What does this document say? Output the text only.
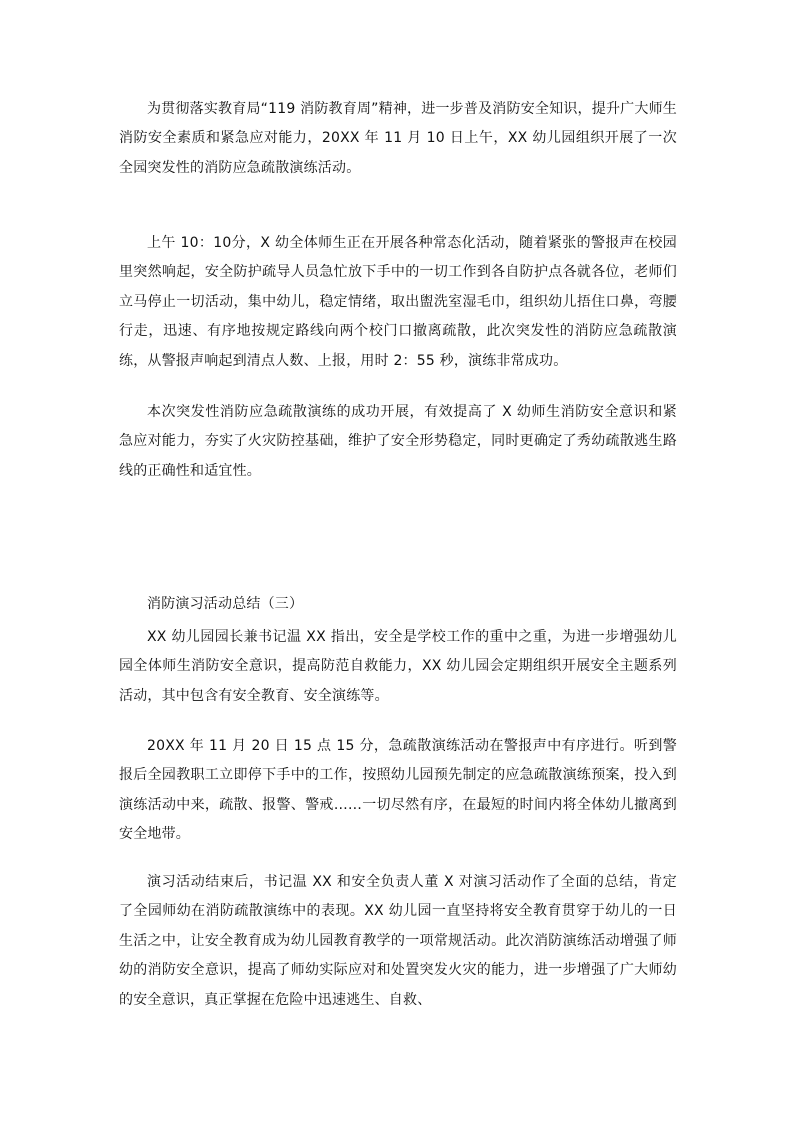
为贯彻落实教育局“119 消防教育周”精神，进一步普及消防安全知识，提升广大师生消防安全素质和紧急应对能力，20XX 年 11 月 10 日上午，XX 幼儿园组织开展了一次全园突发性的消防应急疏散演练活动。

上午 10：10分，X 幼全体师生正在开展各种常态化活动，随着紧张的警报声在校园里突然响起，安全防护疏导人员急忙放下手中的一切工作到各自防护点各就各位，老师们立马停止一切活动，集中幼儿，稳定情绪，取出盥洗室湿毛巾，组织幼儿捂住口鼻，弯腰行走，迅速、有序地按规定路线向两个校门口撤离疏散，此次突发性的消防应急疏散演练，从警报声响起到清点人数、上报，用时 2：55 秒，演练非常成功。

本次突发性消防应急疏散演练的成功开展，有效提高了 X 幼师生消防安全意识和紧急应对能力，夯实了火灾防控基础，维护了安全形势稳定，同时更确定了秀幼疏散逃生路线的正确性和适宜性。

消防演习活动总结（三）

XX 幼儿园园长兼书记温 XX 指出，安全是学校工作的重中之重，为进一步增强幼儿园全体师生消防安全意识，提高防范自救能力，XX 幼儿园会定期组织开展安全主题系列活动，其中包含有安全教育、安全演练等。

20XX 年 11 月 20 日 15 点 15 分，急疏散演练活动在警报声中有序进行。听到警报后全园教职工立即停下手中的工作，按照幼儿园预先制定的应急疏散演练预案，投入到演练活动中来，疏散、报警、警戒……一切尽然有序，在最短的时间内将全体幼儿撤离到安全地带。

演习活动结束后，书记温 XX 和安全负责人董 X 对演习活动作了全面的总结，肯定了全园师幼在消防疏散演练中的表现。XX 幼儿园一直坚持将安全教育贯穿于幼儿的一日生活之中，让安全教育成为幼儿园教育教学的一项常规活动。此次消防演练活动增强了师幼的消防安全意识，提高了师幼实际应对和处置突发火灾的能力，进一步增强了广大师幼的安全意识，真正掌握在危险中迅速逃生、自救、
